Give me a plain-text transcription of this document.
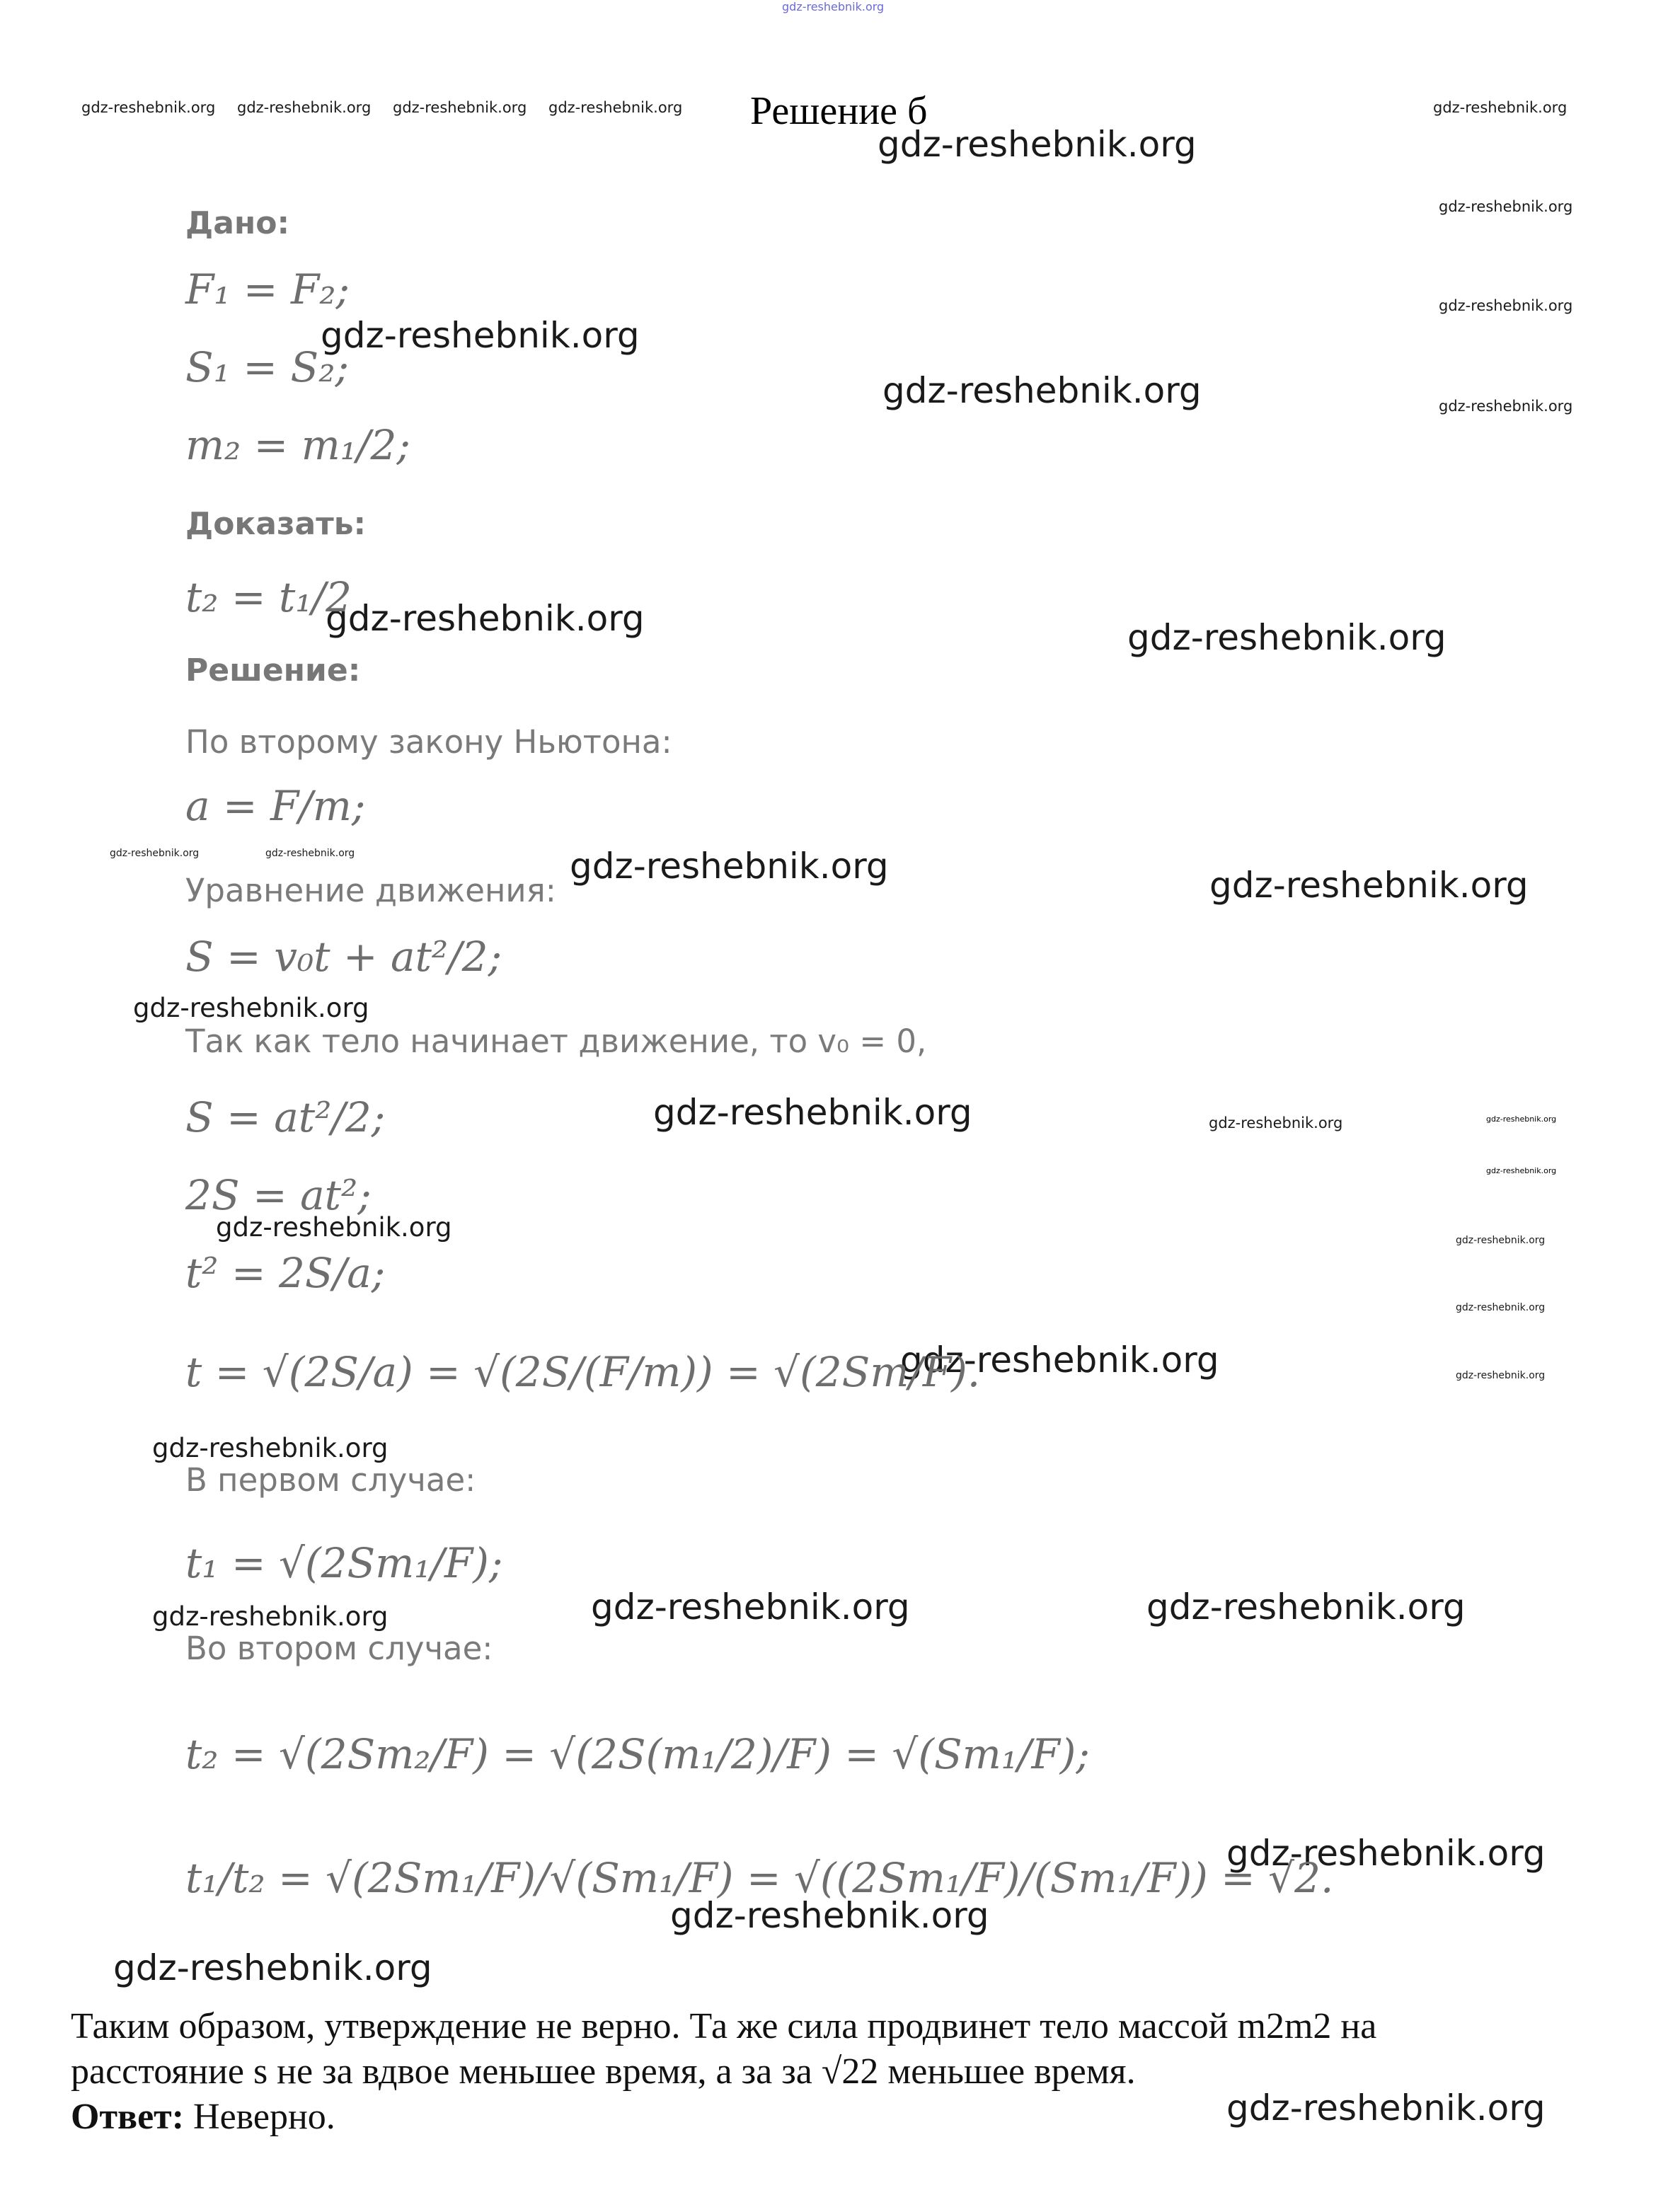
gdz-reshebnik.org
gdz-reshebnik.org gdz-reshebnik.org gdz-reshebnik.org gdz-reshebnik.org	gdz-reshebnik.org
Решение б
gdz-reshebnik.org
gdz-reshebnik.org
gdz-reshebnik.org
gdz-reshebnik.org
gdz-reshebnik.org
gdz-reshebnik.org
gdz-reshebnik.org	gdz-reshebnik.org
gdz-reshebnik.org	gdz-reshebnik.org
gdz-reshebnik.org
gdz-reshebnik.org
gdz-reshebnik.org	gdz-reshebnik.org
gdz-reshebnik.org
gdz-reshebnik.org
gdz-reshebnik.org
gdz-reshebnik.org
gdz-reshebnik.org
gdz-reshebnik.org
gdz-reshebnik.org
gdz-reshebnik.org
gdz-reshebnik.org	gdz-reshebnik.org
gdz-reshebnik.org	gdz-reshebnik.org
gdz-reshebnik.org
gdz-reshebnik.org
gdz-reshebnik.org
gdz-reshebnik.org
Дано:
F₁ = F₂;
S₁ = S₂;
m₂ = m₁/2;
Доказать:
t₂ = t₁/2
Решение:
По второму закону Ньютона:
a = F/m;
Уравнение движения:
S = v₀t + at²/2;
Так как тело начинает движение, то v₀ = 0,
S = at²/2;
2S = at²;
t² = 2S/a;
t = √(2S/a) = √(2S/(F/m)) = √(2Sm/F).
В первом случае:
t₁ = √(2Sm₁/F);
Во втором случае:
t₂ = √(2Sm₂/F) = √(2S(m₁/2)/F) = √(Sm₁/F);
t₁/t₂ = √(2Sm₁/F)/√(Sm₁/F) = √((2Sm₁/F)/(Sm₁/F)) = √2.
Таким образом, утверждение не верно. Та же сила продвинет тело массой m2m2 на
расстояние s не за вдвое меньшее время, а за за √22 меньшее время.
Ответ: Неверно.
